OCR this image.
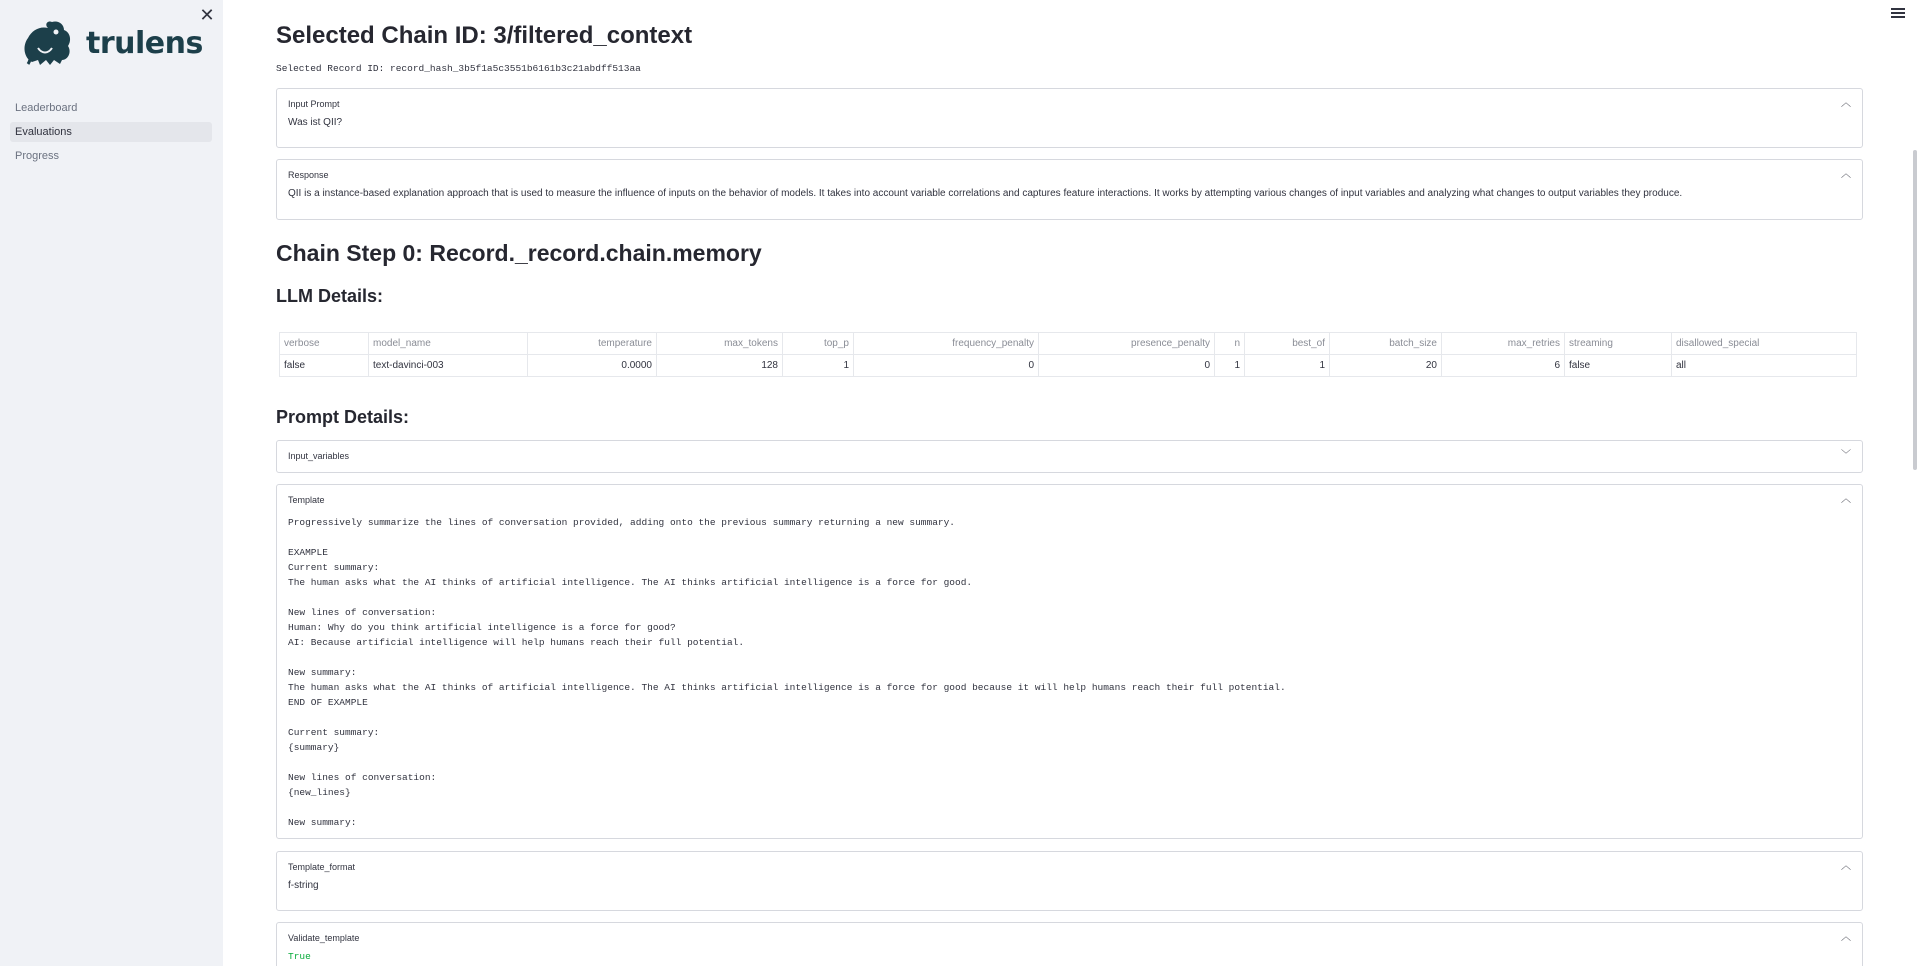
✕
trulens
Leaderboard
Evaluations
Progress
Selected Chain ID: 3/filtered_context
Selected Record ID: record_hash_3b5f1a5c3551b6161b3c21abdff513aa
Input Prompt	︿
Was ist QII?
Response	︿
QII is a instance-based explanation approach that is used to measure the influence of inputs on the behavior of models. It takes into account variable correlations and captures feature interactions. It works by attempting various changes of input variables and analyzing what changes to output variables they produce.
Chain Step 0: Record._record.chain.memory
LLM Details:
verbose	model_name	temperature	max_tokens	top_p	frequency_penalty	presence_penalty	n	best_of	batch_size	max_retries	streaming	disallowed_special
false	text-davinci-003	0.0000	128	1	0	0	1	1	20	6	false	all
Prompt Details:
Input_variables	﹀
Template	︿
Progressively summarize the lines of conversation provided, adding onto the previous summary returning a new summary.

EXAMPLE
Current summary:
The human asks what the AI thinks of artificial intelligence. The AI thinks artificial intelligence is a force for good.

New lines of conversation:
Human: Why do you think artificial intelligence is a force for good?
AI: Because artificial intelligence will help humans reach their full potential.

New summary:
The human asks what the AI thinks of artificial intelligence. The AI thinks artificial intelligence is a force for good because it will help humans reach their full potential.
END OF EXAMPLE

Current summary:
{summary}

New lines of conversation:
{new_lines}

New summary:
Template_format	︿
f-string
Validate_template	︿
True
